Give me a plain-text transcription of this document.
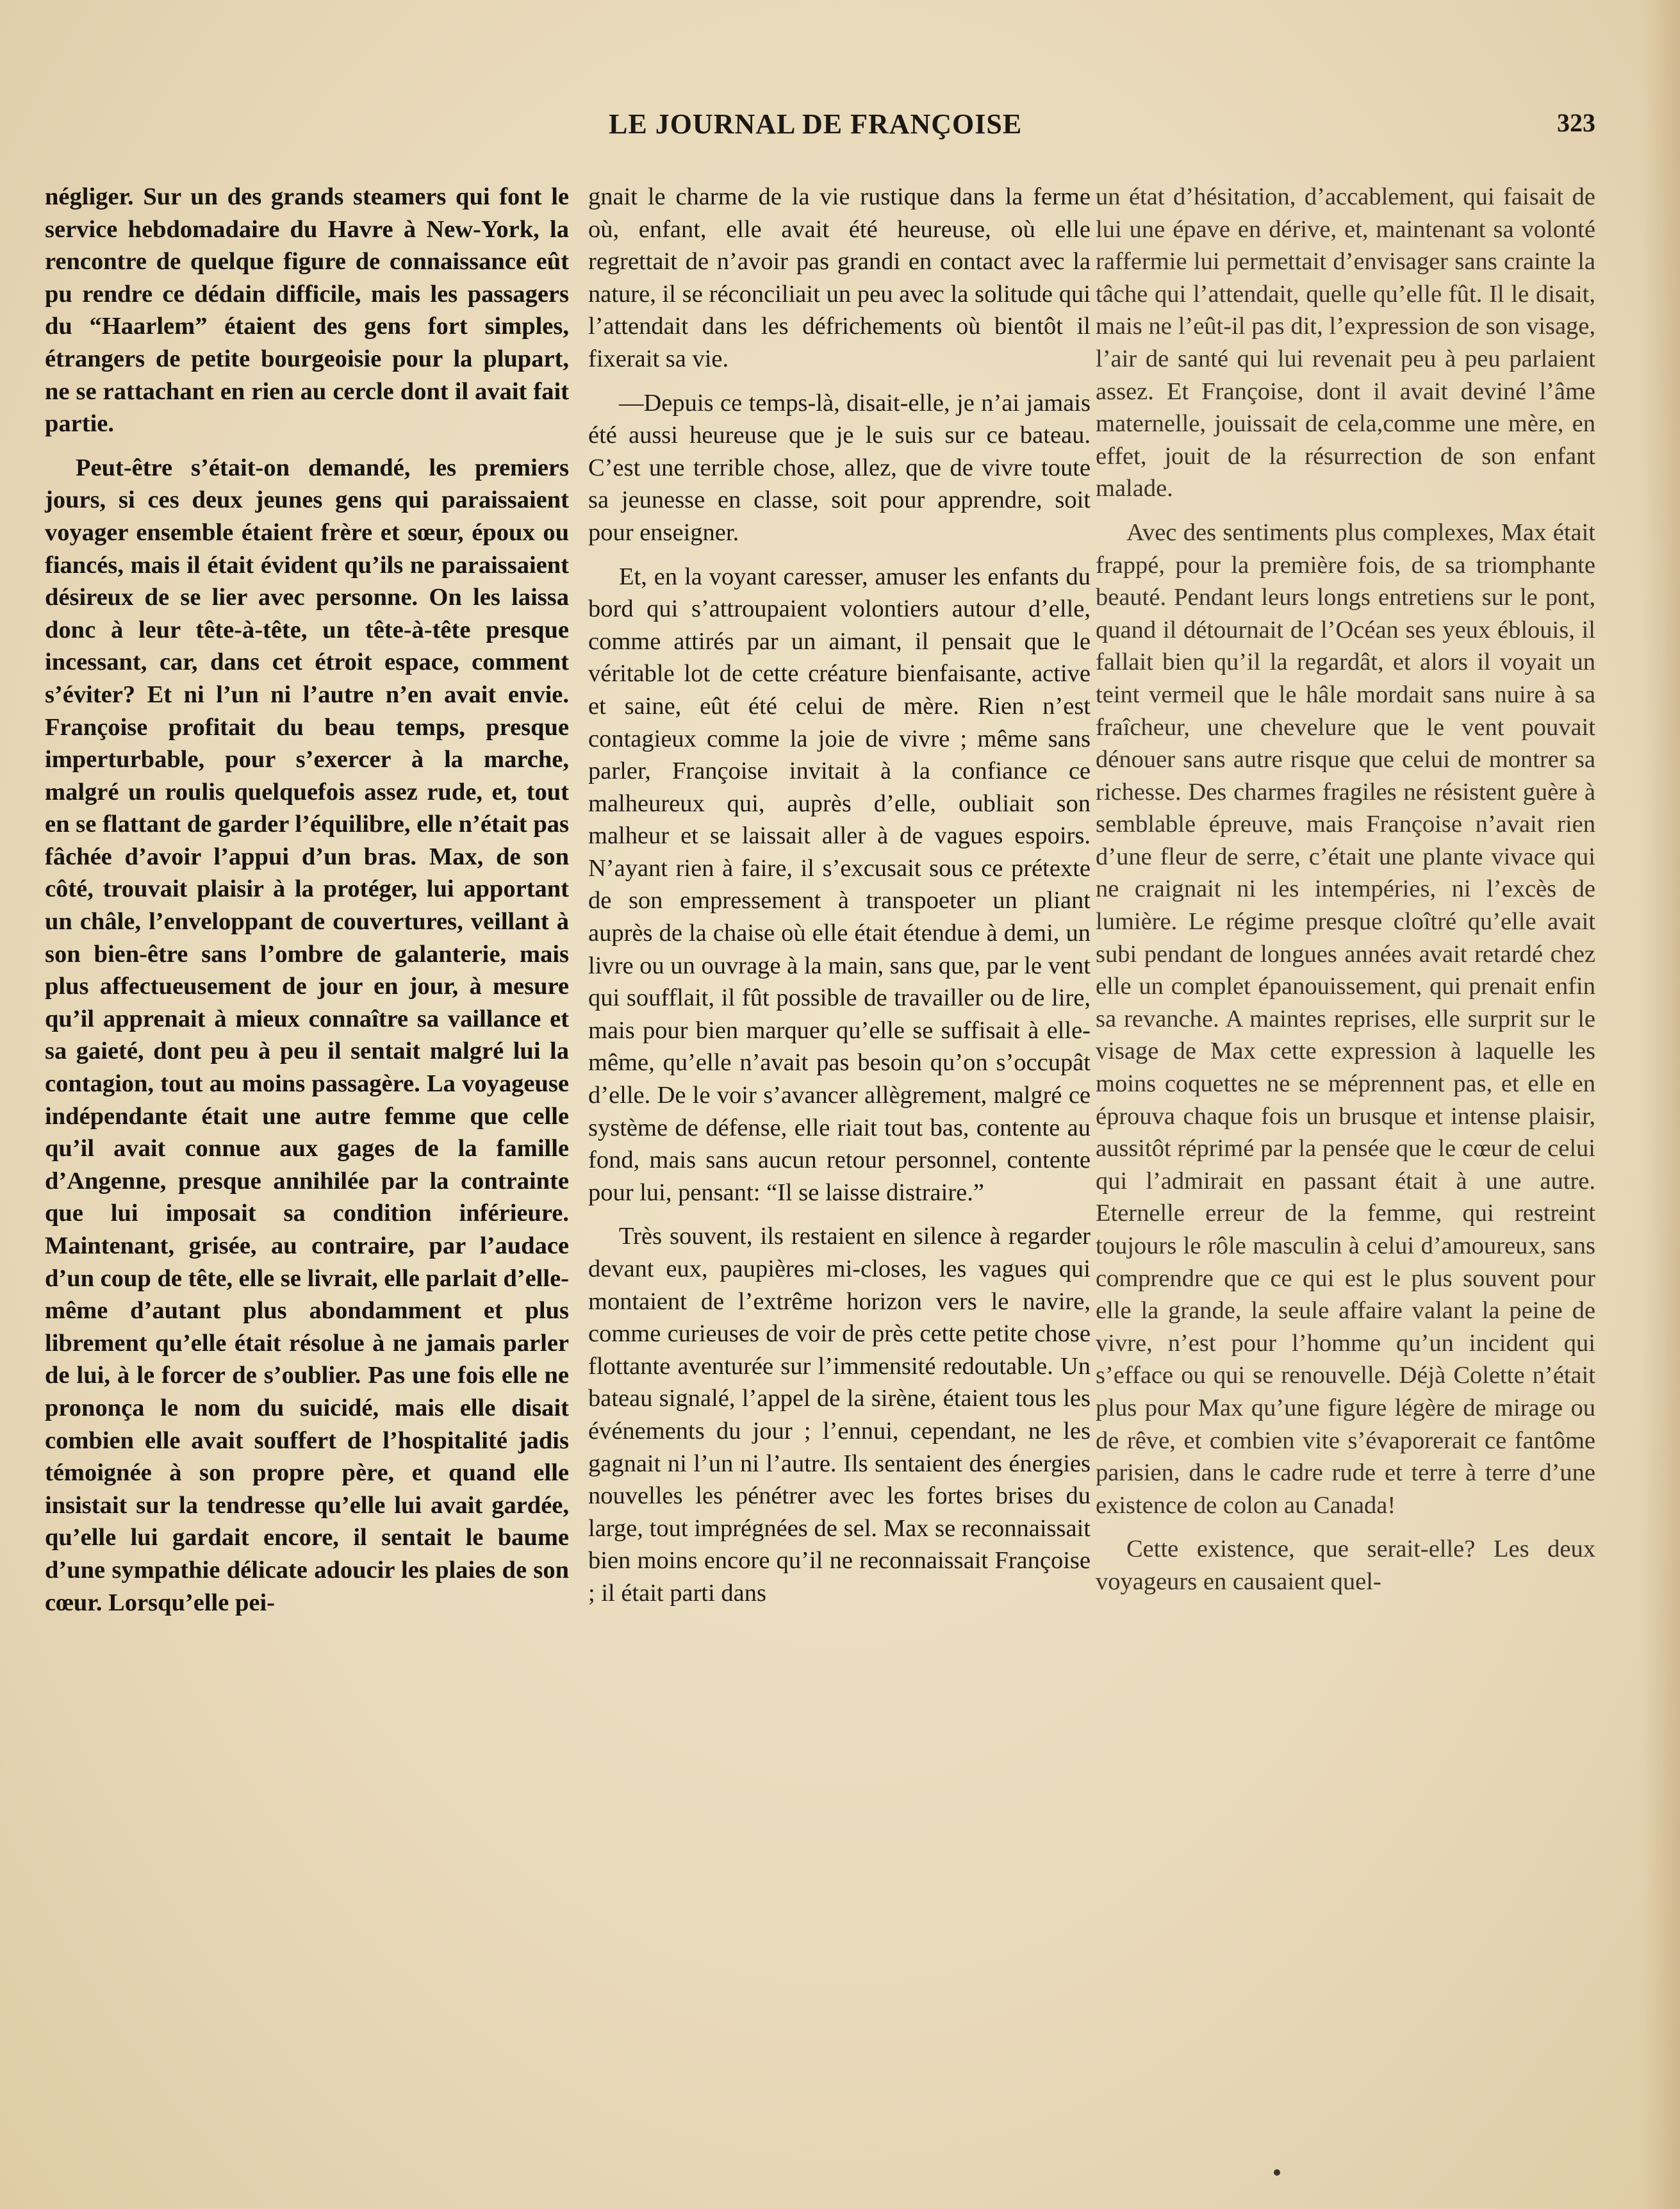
LE JOURNAL DE FRANÇOISE	323

négliger. Sur un des grands steamers qui font le service hebdomadaire du Havre à New-York, la rencontre de quelque figure de connaissance eût pu rendre ce dédain difficile, mais les passagers du “Haarlem” étaient des gens fort simples, étrangers de petite bourgeoisie pour la plupart, ne se rattachant en rien au cercle dont il avait fait partie.

Peut-être s’était-on demandé, les premiers jours, si ces deux jeunes gens qui paraissaient voyager ensemble étaient frère et sœur, époux ou fiancés, mais il était évident qu’ils ne paraissaient désireux de se lier avec personne. On les laissa donc à leur tête-à-tête, un tête-à-tête presque incessant, car, dans cet étroit espace, comment s’éviter? Et ni l’un ni l’autre n’en avait envie. Françoise profitait du beau temps, presque imperturbable, pour s’exercer à la marche, malgré un roulis quelquefois assez rude, et, tout en se flattant de garder l’équilibre, elle n’était pas fâchée d’avoir l’appui d’un bras. Max, de son côté, trouvait plaisir à la protéger, lui apportant un châle, l’enveloppant de couvertures, veillant à son bien-être sans l’ombre de galanterie, mais plus affectueusement de jour en jour, à mesure qu’il apprenait à mieux connaître sa vaillance et sa gaieté, dont peu à peu il sentait malgré lui la contagion, tout au moins passagère. La voyageuse indépendante était une autre femme que celle qu’il avait connue aux gages de la famille d’Angenne, presque annihilée par la contrainte que lui imposait sa condition inférieure. Maintenant, grisée, au contraire, par l’audace d’un coup de tête, elle se livrait, elle parlait d’elle-même d’autant plus abondamment et plus librement qu’elle était résolue à ne jamais parler de lui, à le forcer de s’oublier. Pas une fois elle ne prononça le nom du suicidé, mais elle disait combien elle avait souffert de l’hospitalité jadis témoignée à son propre père, et quand elle insistait sur la tendresse qu’elle lui avait gardée, qu’elle lui gardait encore, il sentait le baume d’une sympathie délicate adoucir les plaies de son cœur. Lorsqu’elle pei-

gnait le charme de la vie rustique dans la ferme où, enfant, elle avait été heureuse, où elle regrettait de n’avoir pas grandi en contact avec la nature, il se réconciliait un peu avec la solitude qui l’attendait dans les défrichements où bientôt il fixerait sa vie.

—Depuis ce temps-là, disait-elle, je n’ai jamais été aussi heureuse que je le suis sur ce bateau. C’est une terrible chose, allez, que de vivre toute sa jeunesse en classe, soit pour apprendre, soit pour enseigner.

Et, en la voyant caresser, amuser les enfants du bord qui s’attroupaient volontiers autour d’elle, comme attirés par un aimant, il pensait que le véritable lot de cette créature bienfaisante, active et saine, eût été celui de mère. Rien n’est contagieux comme la joie de vivre ; même sans parler, Françoise invitait à la confiance ce malheureux qui, auprès d’elle, oubliait son malheur et se laissait aller à de vagues espoirs. N’ayant rien à faire, il s’excusait sous ce prétexte de son empressement à transpoeter un pliant auprès de la chaise où elle était étendue à demi, un livre ou un ouvrage à la main, sans que, par le vent qui soufflait, il fût possible de travailler ou de lire, mais pour bien marquer qu’elle se suffisait à elle-même, qu’elle n’avait pas besoin qu’on s’occupât d’elle. De le voir s’avancer allègrement, malgré ce système de défense, elle riait tout bas, contente au fond, mais sans aucun retour personnel, contente pour lui, pensant: “Il se laisse distraire.”

Très souvent, ils restaient en silence à regarder devant eux, paupières mi-closes, les vagues qui montaient de l’extrême horizon vers le navire, comme curieuses de voir de près cette petite chose flottante aventurée sur l’immensité redoutable. Un bateau signalé, l’appel de la sirène, étaient tous les événements du jour ; l’ennui, cependant, ne les gagnait ni l’un ni l’autre. Ils sentaient des énergies nouvelles les pénétrer avec les fortes brises du large, tout imprégnées de sel. Max se reconnaissait bien moins encore qu’il ne reconnaissait Françoise ; il était parti dans

un état d’hésitation, d’accablement, qui faisait de lui une épave en dérive, et, maintenant sa volonté raffermie lui permettait d’envisager sans crainte la tâche qui l’attendait, quelle qu’elle fût. Il le disait, mais ne l’eût-il pas dit, l’expression de son visage, l’air de santé qui lui revenait peu à peu parlaient assez. Et Françoise, dont il avait deviné l’âme maternelle, jouissait de cela,comme une mère, en effet, jouit de la résurrection de son enfant malade.

Avec des sentiments plus complexes, Max était frappé, pour la première fois, de sa triomphante beauté. Pendant leurs longs entretiens sur le pont, quand il détournait de l’Océan ses yeux éblouis, il fallait bien qu’il la regardât, et alors il voyait un teint vermeil que le hâle mordait sans nuire à sa fraîcheur, une chevelure que le vent pouvait dénouer sans autre risque que celui de montrer sa richesse. Des charmes fragiles ne résistent guère à semblable épreuve, mais Françoise n’avait rien d’une fleur de serre, c’était une plante vivace qui ne craignait ni les intempéries, ni l’excès de lumière. Le régime presque cloîtré qu’elle avait subi pendant de longues années avait retardé chez elle un complet épanouissement, qui prenait enfin sa revanche. A maintes reprises, elle surprit sur le visage de Max cette expression à laquelle les moins coquettes ne se méprennent pas, et elle en éprouva chaque fois un brusque et intense plaisir, aussitôt réprimé par la pensée que le cœur de celui qui l’admirait en passant était à une autre. Eternelle erreur de la femme, qui restreint toujours le rôle masculin à celui d’amoureux, sans comprendre que ce qui est le plus souvent pour elle la grande, la seule affaire valant la peine de vivre, n’est pour l’homme qu’un incident qui s’efface ou qui se renouvelle. Déjà Colette n’était plus pour Max qu’une figure légère de mirage ou de rêve, et combien vite s’évaporerait ce fantôme parisien, dans le cadre rude et terre à terre d’une existence de colon au Canada!

Cette existence, que serait-elle? Les deux voyageurs en causaient quel-
